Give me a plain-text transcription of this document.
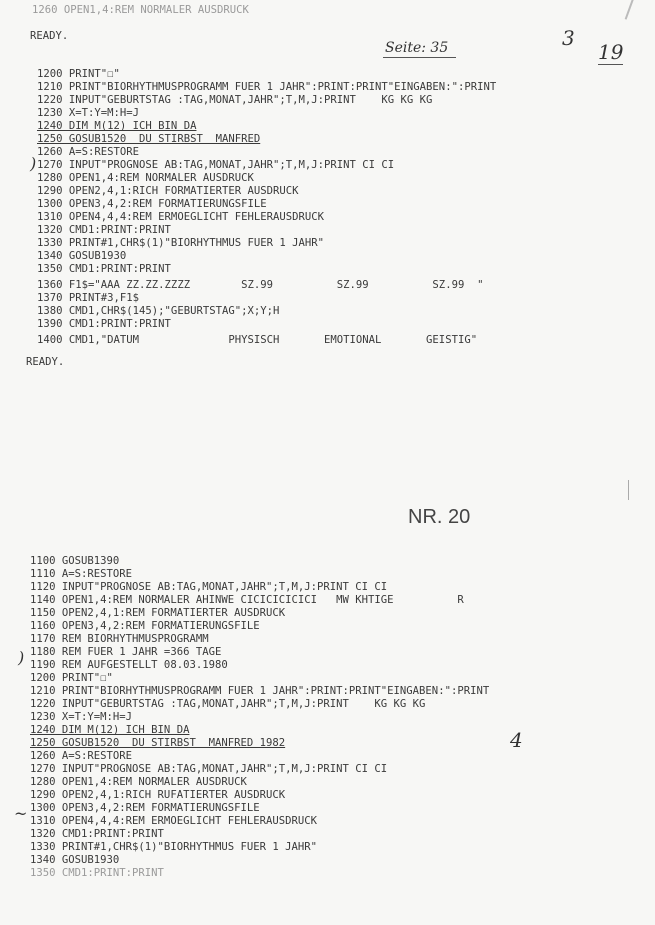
1260 OPEN1,4:REM NORMALER AUSDRUCK
READY.
Seite: 35	3
19
1200 PRINT"☐"
1210 PRINT"BIORHYTHMUSPROGRAMM FUER 1 JAHR":PRINT:PRINT"EINGABEN:":PRINT
1220 INPUT"GEBURTSTAG :TAG,MONAT,JAHR";T,M,J:PRINT    KG KG KG
1230 X=T:Y=M:H=J
1240 DIM M(12) ICH BIN DA
1250 GOSUB1520  DU STIRBST  MANFRED
1260 A=S:RESTORE
1270 INPUT"PROGNOSE AB:TAG,MONAT,JAHR";T,M,J:PRINT CI CI
1280 OPEN1,4:REM NORMALER AUSDRUCK
1290 OPEN2,4,1:RICH FORMATIERTER AUSDRUCK
1300 OPEN3,4,2:REM FORMATIERUNGSFILE
1310 OPEN4,4,4:REM ERMOEGLICHT FEHLERAUSDRUCK
1320 CMD1:PRINT:PRINT
1330 PRINT#1,CHR$(1)"BIORHYTHMUS FUER 1 JAHR"
1340 GOSUB1930
1350 CMD1:PRINT:PRINT
1360 F1$="AAA ZZ.ZZ.ZZZZ        SZ.99          SZ.99          SZ.99  "
1370 PRINT#3,F1$
1380 CMD1,CHR$(145);"GEBURTSTAG";X;Y;H
1390 CMD1:PRINT:PRINT
1400 CMD1,"DATUM              PHYSISCH       EMOTIONAL       GEISTIG"
READY.
)
NR. 20
1100 GOSUB1390
1110 A=S:RESTORE
1120 INPUT"PROGNOSE AB:TAG,MONAT,JAHR";T,M,J:PRINT CI CI
1140 OPEN1,4:REM NORMALER AHINWE CICICICICICI   MW KHTIGE          R
1150 OPEN2,4,1:REM FORMATIERTER AUSDRUCK
1160 OPEN3,4,2:REM FORMATIERUNGSFILE
1170 REM BIORHYTHMUSPROGRAMM
1180 REM FUER 1 JAHR =366 TAGE
1190 REM AUFGESTELLT 08.03.1980
1200 PRINT"☐"
1210 PRINT"BIORHYTHMUSPROGRAMM FUER 1 JAHR":PRINT:PRINT"EINGABEN:":PRINT
1220 INPUT"GEBURTSTAG :TAG,MONAT,JAHR";T,M,J:PRINT    KG KG KG
1230 X=T:Y=M:H=J
1240 DIM M(12) ICH BIN DA
1250 GOSUB1520  DU STIRBST  MANFRED 1982
1260 A=S:RESTORE
1270 INPUT"PROGNOSE AB:TAG,MONAT,JAHR";T,M,J:PRINT CI CI
1280 OPEN1,4:REM NORMALER AUSDRUCK
1290 OPEN2,4,1:RICH RUFATIERTER AUSDRUCK
1300 OPEN3,4,2:REM FORMATIERUNGSFILE
1310 OPEN4,4,4:REM ERMOEGLICHT FEHLERAUSDRUCK
1320 CMD1:PRINT:PRINT
1330 PRINT#1,CHR$(1)"BIORHYTHMUS FUER 1 JAHR"
1340 GOSUB1930
1350 CMD1:PRINT:PRINT
4
)
~
